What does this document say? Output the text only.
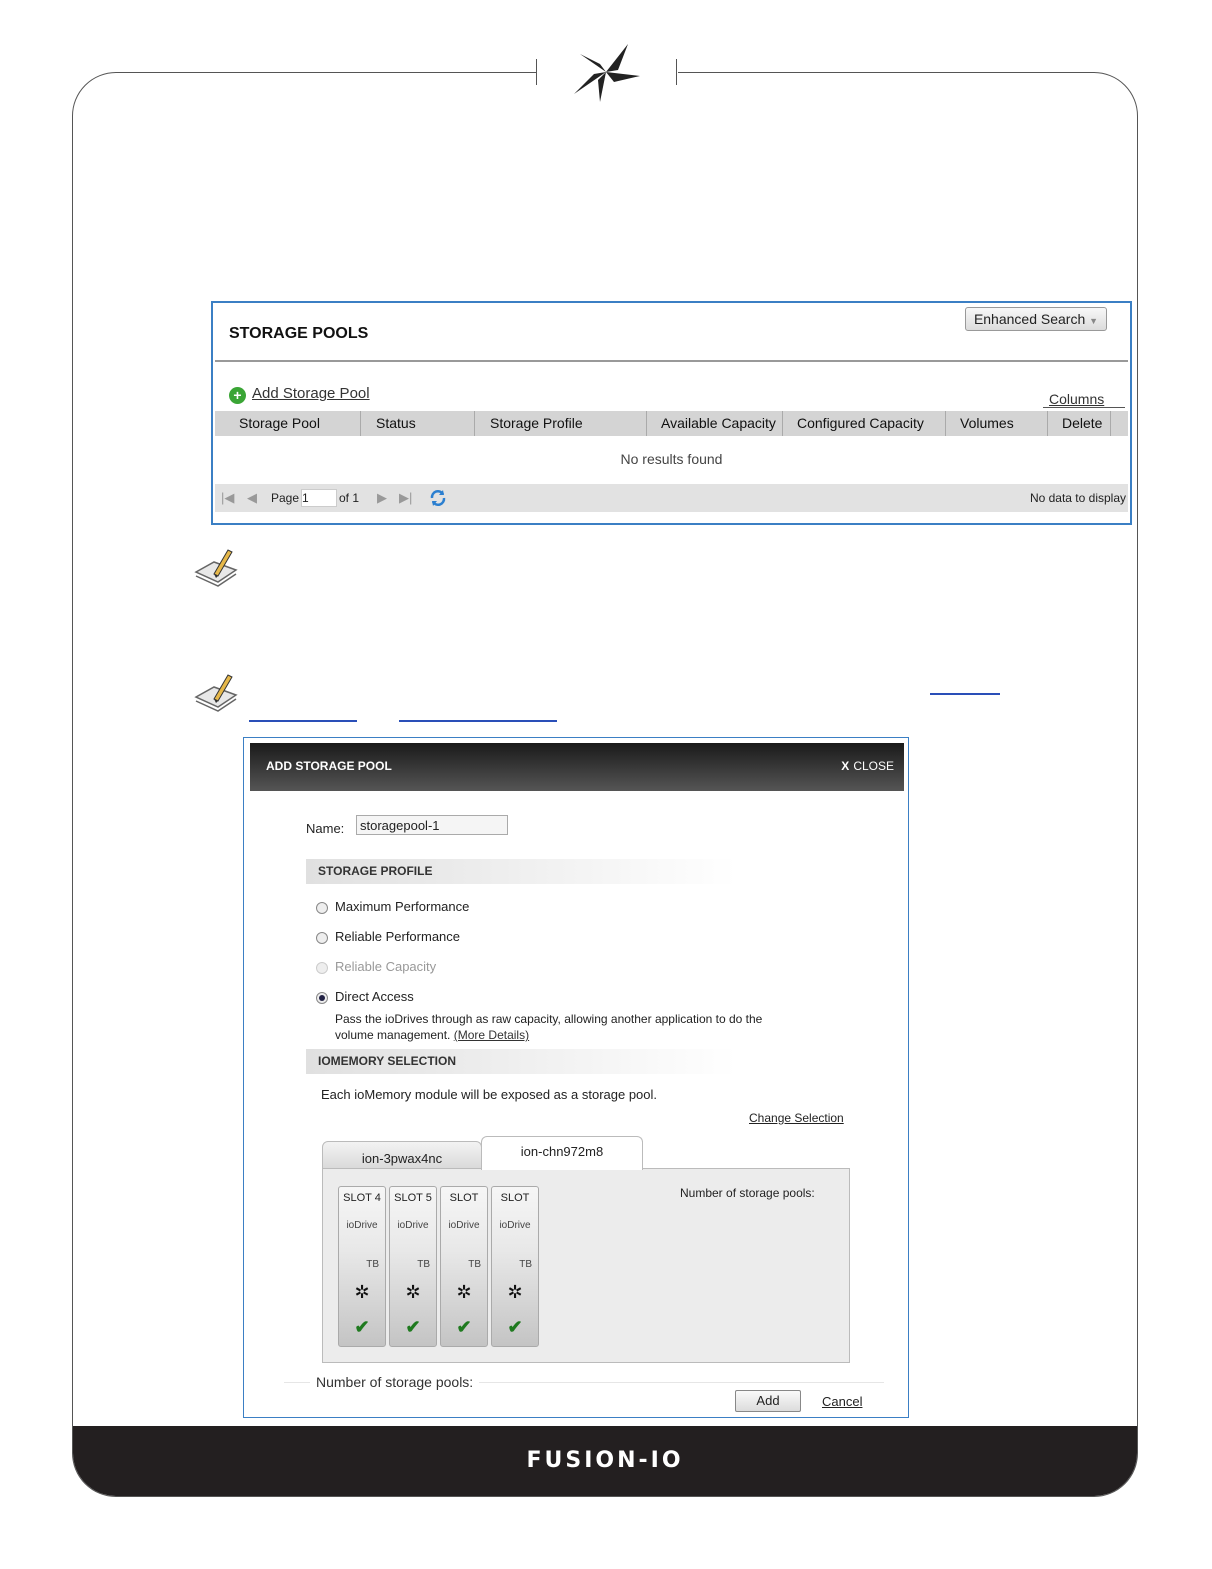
FUSION-IO
STORAGE POOLS
Enhanced Search ▼
+ Add Storage Pool	Columns
Storage Pool	Status	Storage Profile	Available Capacity	Configured Capacity	Volumes	Delete
No results found
|◀ ◀ Page 1	of 1 ▶ ▶|	No data to display
ADD STORAGE POOL	X CLOSE
Name:	storagepool-1
STORAGE PROFILE
Maximum Performance
Reliable Performance
Reliable Capacity
Direct Access
Pass the ioDrives through as raw capacity, allowing another application to do the
volume management. (More Details)
IOMEMORY SELECTION
Each ioMemory module will be exposed as a storage pool.
Change Selection
ion-3pwax4nc
Number of storage pools:
SLOT 4
ioDrive
TB
✲
✔
SLOT 5
ioDrive
TB
✲
✔
SLOT
ioDrive
TB
✲
✔
SLOT
ioDrive
TB
✲
✔
ion-chn972m8
Number of storage pools:
Add	Cancel
